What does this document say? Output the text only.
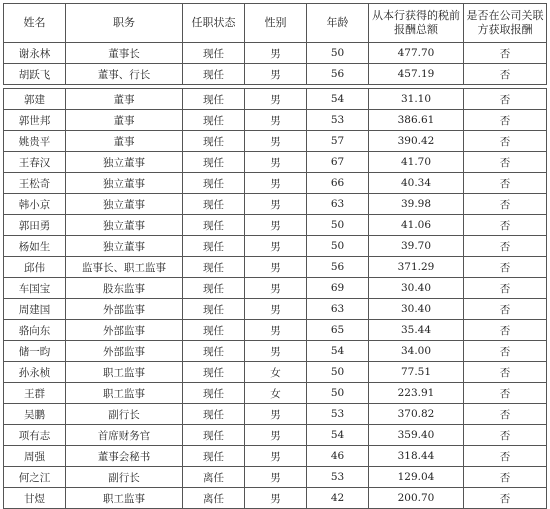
姓名	职务	任职状态	性别	年龄	从本行获得的税前报酬总额	是否在公司关联方获取报酬
谢永林	董事长	现任	男	50	477.70	否
胡跃飞	董事、行长	现任	男	56	457.19	否

郭建	董事	现任	男	54	31.10	否
郭世邦	董事	现任	男	53	386.61	否
姚贵平	董事	现任	男	57	390.42	否
王春汉	独立董事	现任	男	67	41.70	否
王松奇	独立董事	现任	男	66	40.34	否
韩小京	独立董事	现任	男	63	39.98	否
郭田勇	独立董事	现任	男	50	41.06	否
杨如生	独立董事	现任	男	50	39.70	否
邱伟	监事长、职工监事	现任	男	56	371.29	否
车国宝	股东监事	现任	男	69	30.40	否
周建国	外部监事	现任	男	63	30.40	否
骆向东	外部监事	现任	男	65	35.44	否
储一昀	外部监事	现任	男	54	34.00	否
孙永桢	职工监事	现任	女	50	77.51	否
王群	职工监事	现任	女	50	223.91	否
吴鹏	副行长	现任	男	53	370.82	否
项有志	首席财务官	现任	男	54	359.40	否
周强	董事会秘书	现任	男	46	318.44	否
何之江	副行长	离任	男	53	129.04	否
甘煜	职工监事	离任	男	42	200.70	否
